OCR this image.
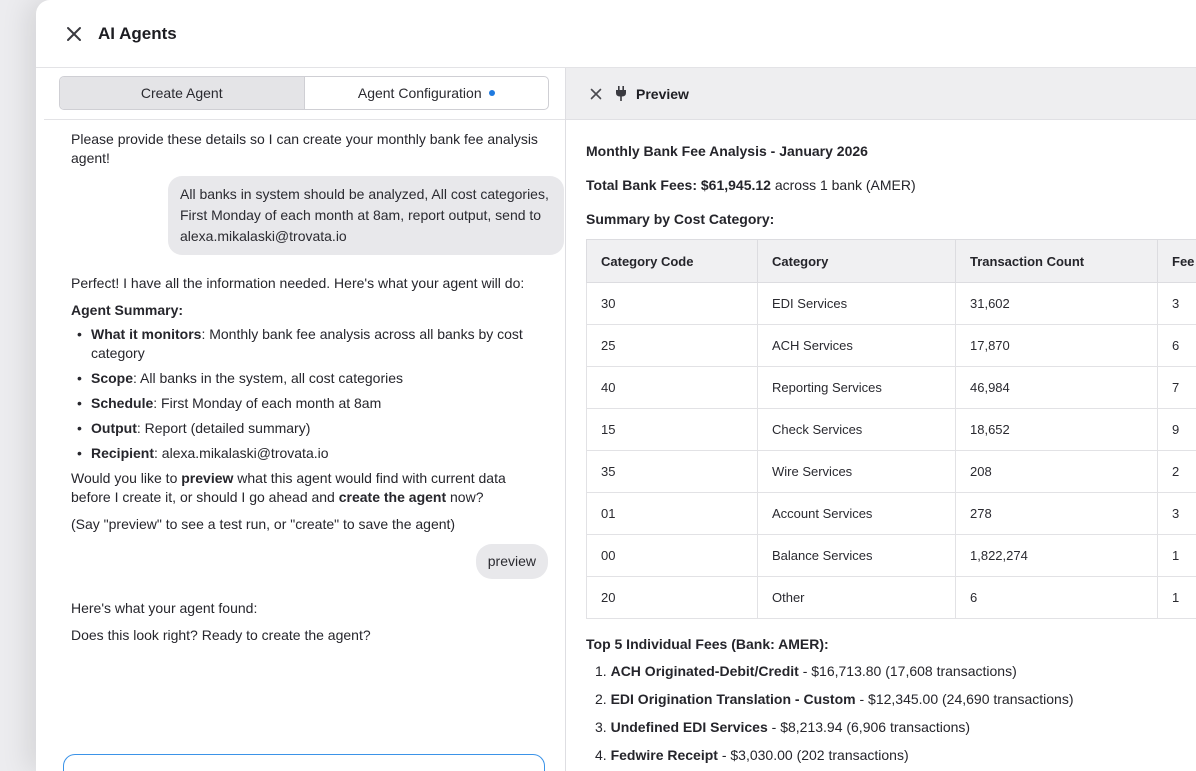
AI Agents
Create Agent	Agent Configuration
Please provide these details so I can create your monthly bank fee analysis agent!
All banks in system should be analyzed, All cost categories, First Monday of each month at 8am, report output, send to alexa.mikalaski@trovata.io
Perfect! I have all the information needed. Here's what your agent will do:
Agent Summary:
• What it monitors: Monthly bank fee analysis across all banks by cost category
• Scope: All banks in the system, all cost categories
• Schedule: First Monday of each month at 8am
• Output: Report (detailed summary)
• Recipient: alexa.mikalaski@trovata.io
Would you like to preview what this agent would find with current data before I create it, or should I go ahead and create the agent now?
(Say "preview" to see a test run, or "create" to save the agent)
preview
Here's what your agent found:
Does this look right? Ready to create the agent?
Preview
Monthly Bank Fee Analysis - January 2026
Total Bank Fees: $61,945.12 across 1 bank (AMER)
Summary by Cost Category:
Category Code	Category	Transaction Count	Fee
30	EDI Services	31,602	3
25	ACH Services	17,870	6
40	Reporting Services	46,984	7
15	Check Services	18,652	9
35	Wire Services	208	2
01	Account Services	278	3
00	Balance Services	1,822,274	1
20	Other	6	1
Top 5 Individual Fees (Bank: AMER):
1. ACH Originated-Debit/Credit - $16,713.80 (17,608 transactions)
2. EDI Origination Translation - Custom - $12,345.00 (24,690 transactions)
3. Undefined EDI Services - $8,213.94 (6,906 transactions)
4. Fedwire Receipt - $3,030.00 (202 transactions)
